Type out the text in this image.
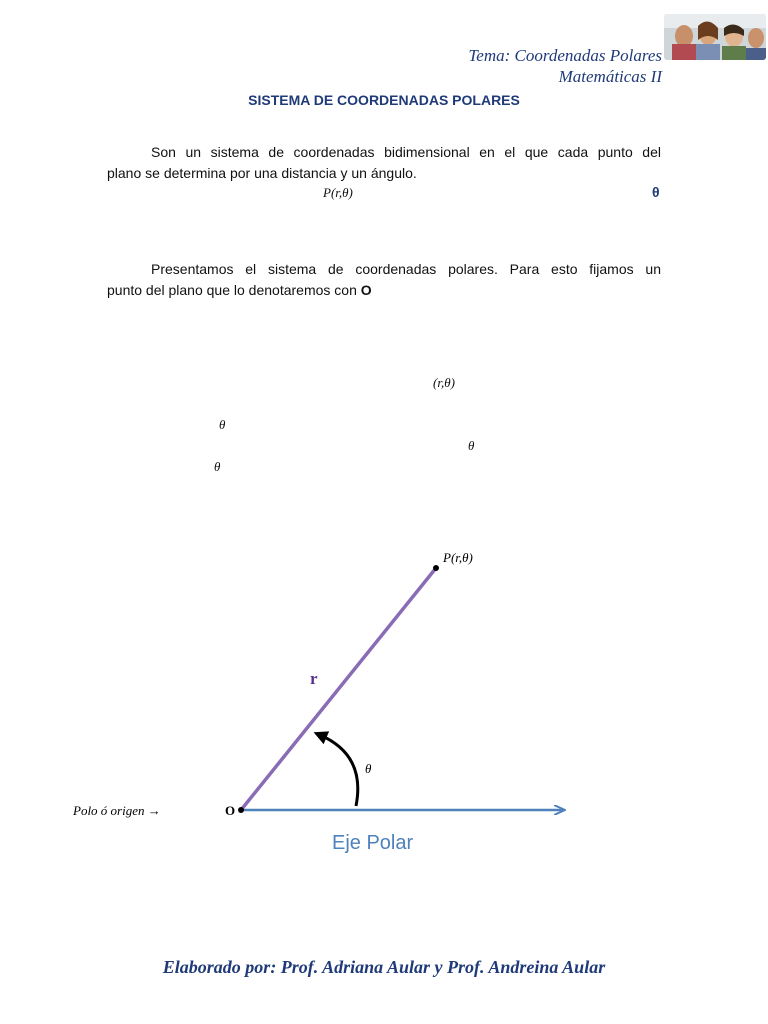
Tema: Coordenadas Polares
Matemáticas II
SISTEMA DE COORDENADAS POLARES
Son un sistema de coordenadas bidimensional en el que cada punto del
plano se determina por una distancia y un ángulo.
P(r,θ)	θ
Presentamos el sistema de coordenadas polares. Para esto fijamos un
punto del plano que lo denotaremos con O
(r,θ)
θ
θ
θ
P(r,θ)
r
θ
O
Polo ó origen →
Eje Polar
Elaborado por: Prof. Adriana Aular y Prof. Andreina Aular
